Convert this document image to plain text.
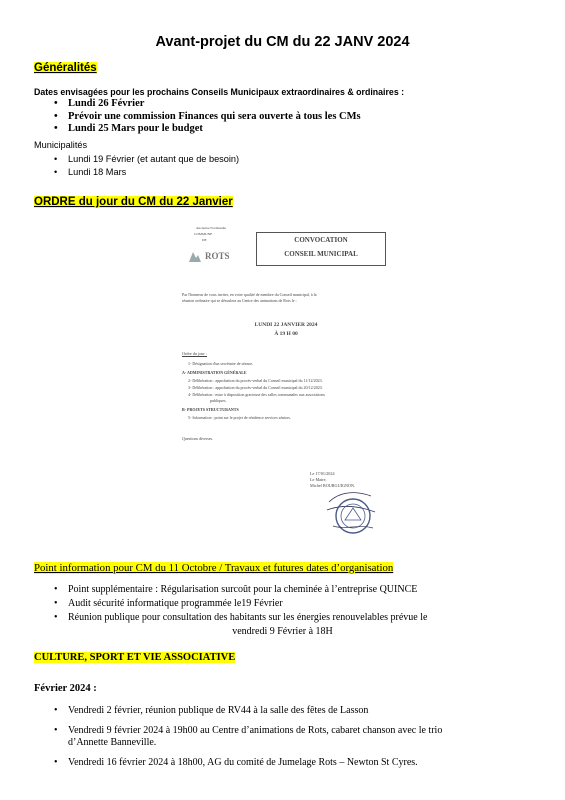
Avant-projet du CM du 22 JANV 2024
Généralités
Dates envisagées pour les prochains Conseils Municipaux extraordinaires & ordinaires :
• Lundi 26 Février
• Prévoir une commission Finances qui sera ouverte à tous les CMs
• Lundi 25 Mars pour le budget
Municipalités
• Lundi 19 Février (et autant que de besoin)
• Lundi 18 Mars
ORDRE du jour du CM du 22 Janvier
Ancienne Normandie
COMMUNE
DE
ROTS
CONVOCATION
CONSEIL MUNICIPAL
Par l'honneur de vous inviter, en votre qualité de membre du Conseil municipal, à la
réunion ordinaire qui se déroulera au Centre des animations de Rots le :
LUNDI 22 JANVIER 2024
À 19 H 00
Ordre du jour :
1- Désignation d'un secrétaire de séance.
A- ADMINISTRATION GÉNÉRALE
2- Délibération : approbation du procès-verbal du Conseil municipal du 11/12/2023.
3- Délibération : approbation du procès-verbal du Conseil municipal du 20/12/2023.
4- Délibération : mise à disposition gracieuse des salles communales aux associations
publiques.
B- PROJETS STRUCTURANTS
5- Information : point sur le projet de résidence services séniors.
Questions diverses.
Le 17/01/2024
Le Maire,
Michel BOURGUIGNON.
Point information pour CM du 11 Octobre / Travaux et futures dates d’organisation
• Point supplémentaire : Régularisation surcoût pour la cheminée à l’entreprise QUINCE
• Audit sécurité informatique programmée le19 Février
• Réunion publique pour consultation des habitants sur les énergies renouvelables prévue le
vendredi 9 Février à 18H
CULTURE, SPORT ET VIE ASSOCIATIVE
Février 2024 :
• Vendredi 2 février, réunion publique de RV44 à la salle des fêtes de Lasson
• Vendredi 9 février 2024 à 19h00 au Centre d’animations de Rots, cabaret chanson avec le trio
d’Annette Banneville.
• Vendredi 16 février 2024 à 18h00, AG du comité de Jumelage Rots – Newton St Cyres.
